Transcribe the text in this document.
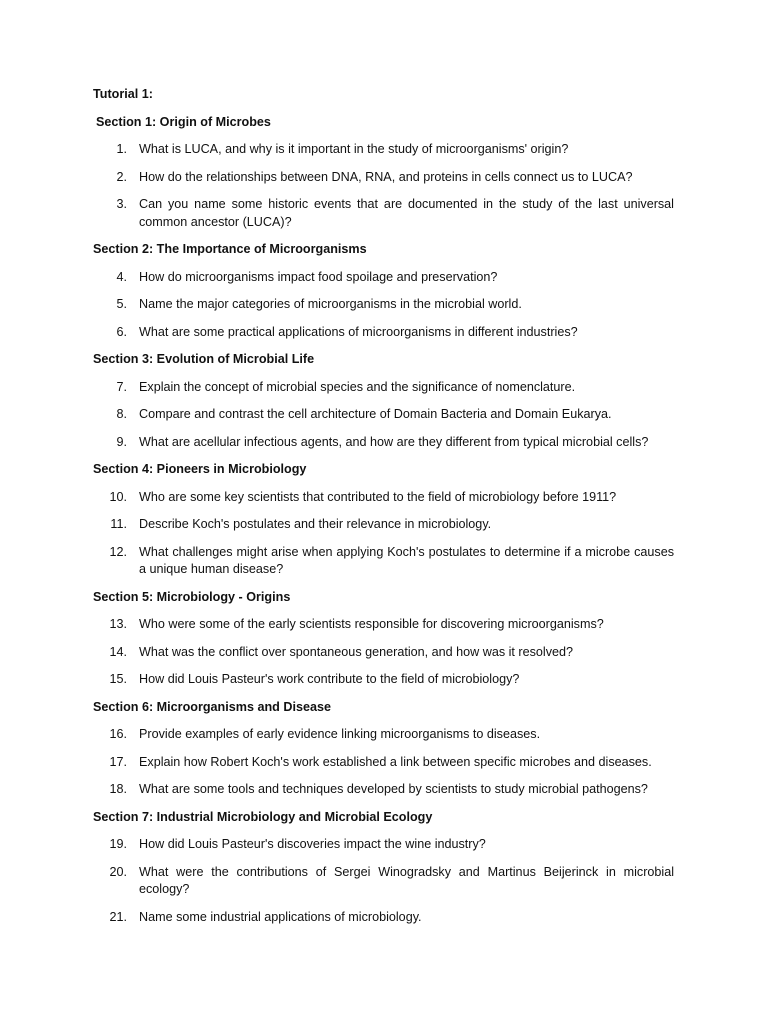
Tutorial 1:
Section 1: Origin of Microbes
1. What is LUCA, and why is it important in the study of microorganisms' origin?
2. How do the relationships between DNA, RNA, and proteins in cells connect us to LUCA?
3. Can you name some historic events that are documented in the study of the last universal common ancestor (LUCA)?
Section 2: The Importance of Microorganisms
4. How do microorganisms impact food spoilage and preservation?
5. Name the major categories of microorganisms in the microbial world.
6. What are some practical applications of microorganisms in different industries?
Section 3: Evolution of Microbial Life
7. Explain the concept of microbial species and the significance of nomenclature.
8. Compare and contrast the cell architecture of Domain Bacteria and Domain Eukarya.
9. What are acellular infectious agents, and how are they different from typical microbial cells?
Section 4: Pioneers in Microbiology
10. Who are some key scientists that contributed to the field of microbiology before 1911?
11. Describe Koch's postulates and their relevance in microbiology.
12. What challenges might arise when applying Koch's postulates to determine if a microbe causes a unique human disease?
Section 5: Microbiology - Origins
13. Who were some of the early scientists responsible for discovering microorganisms?
14. What was the conflict over spontaneous generation, and how was it resolved?
15. How did Louis Pasteur's work contribute to the field of microbiology?
Section 6: Microorganisms and Disease
16. Provide examples of early evidence linking microorganisms to diseases.
17. Explain how Robert Koch's work established a link between specific microbes and diseases.
18. What are some tools and techniques developed by scientists to study microbial pathogens?
Section 7: Industrial Microbiology and Microbial Ecology
19. How did Louis Pasteur's discoveries impact the wine industry?
20. What were the contributions of Sergei Winogradsky and Martinus Beijerinck in microbial ecology?
21. Name some industrial applications of microbiology.
